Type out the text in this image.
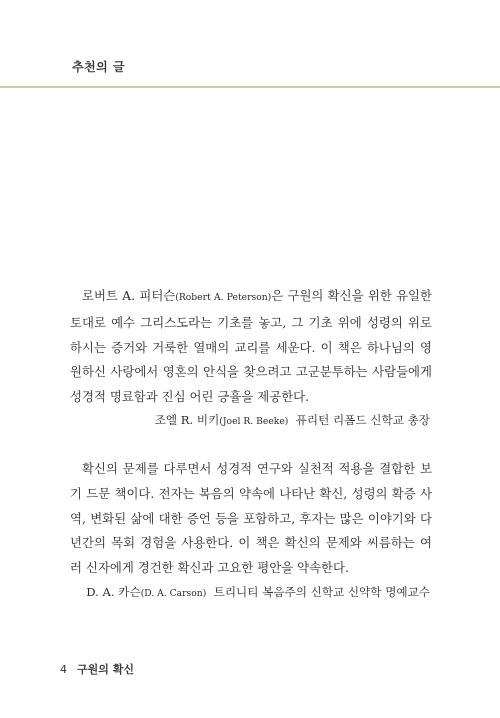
추천의 글

로버트 A. 피터슨(Robert A. Peterson)은 구원의 확신을 위한 유일한 토대로 예수 그리스도라는 기초를 놓고, 그 기초 위에 성령의 위로하시는 증거와 거룩한 열매의 교리를 세운다. 이 책은 하나님의 영원하신 사랑에서 영혼의 안식을 찾으려고 고군분투하는 사람들에게 성경적 명료함과 진심 어린 긍휼을 제공한다.

조엘 R. 비키(Joel R. Beeke) 퓨리턴 리폼드 신학교 총장

확신의 문제를 다루면서 성경적 연구와 실천적 적용을 결합한 보기 드문 책이다. 전자는 복음의 약속에 나타난 확신, 성령의 확증 사역, 변화된 삶에 대한 증언 등을 포함하고, 후자는 많은 이야기와 다년간의 목회 경험을 사용한다. 이 책은 확신의 문제와 씨름하는 여러 신자에게 경건한 확신과 고요한 평안을 약속한다.

D. A. 카슨(D. A. Carson) 트리니티 복음주의 신학교 신약학 명예교수
4 구원의 확신
